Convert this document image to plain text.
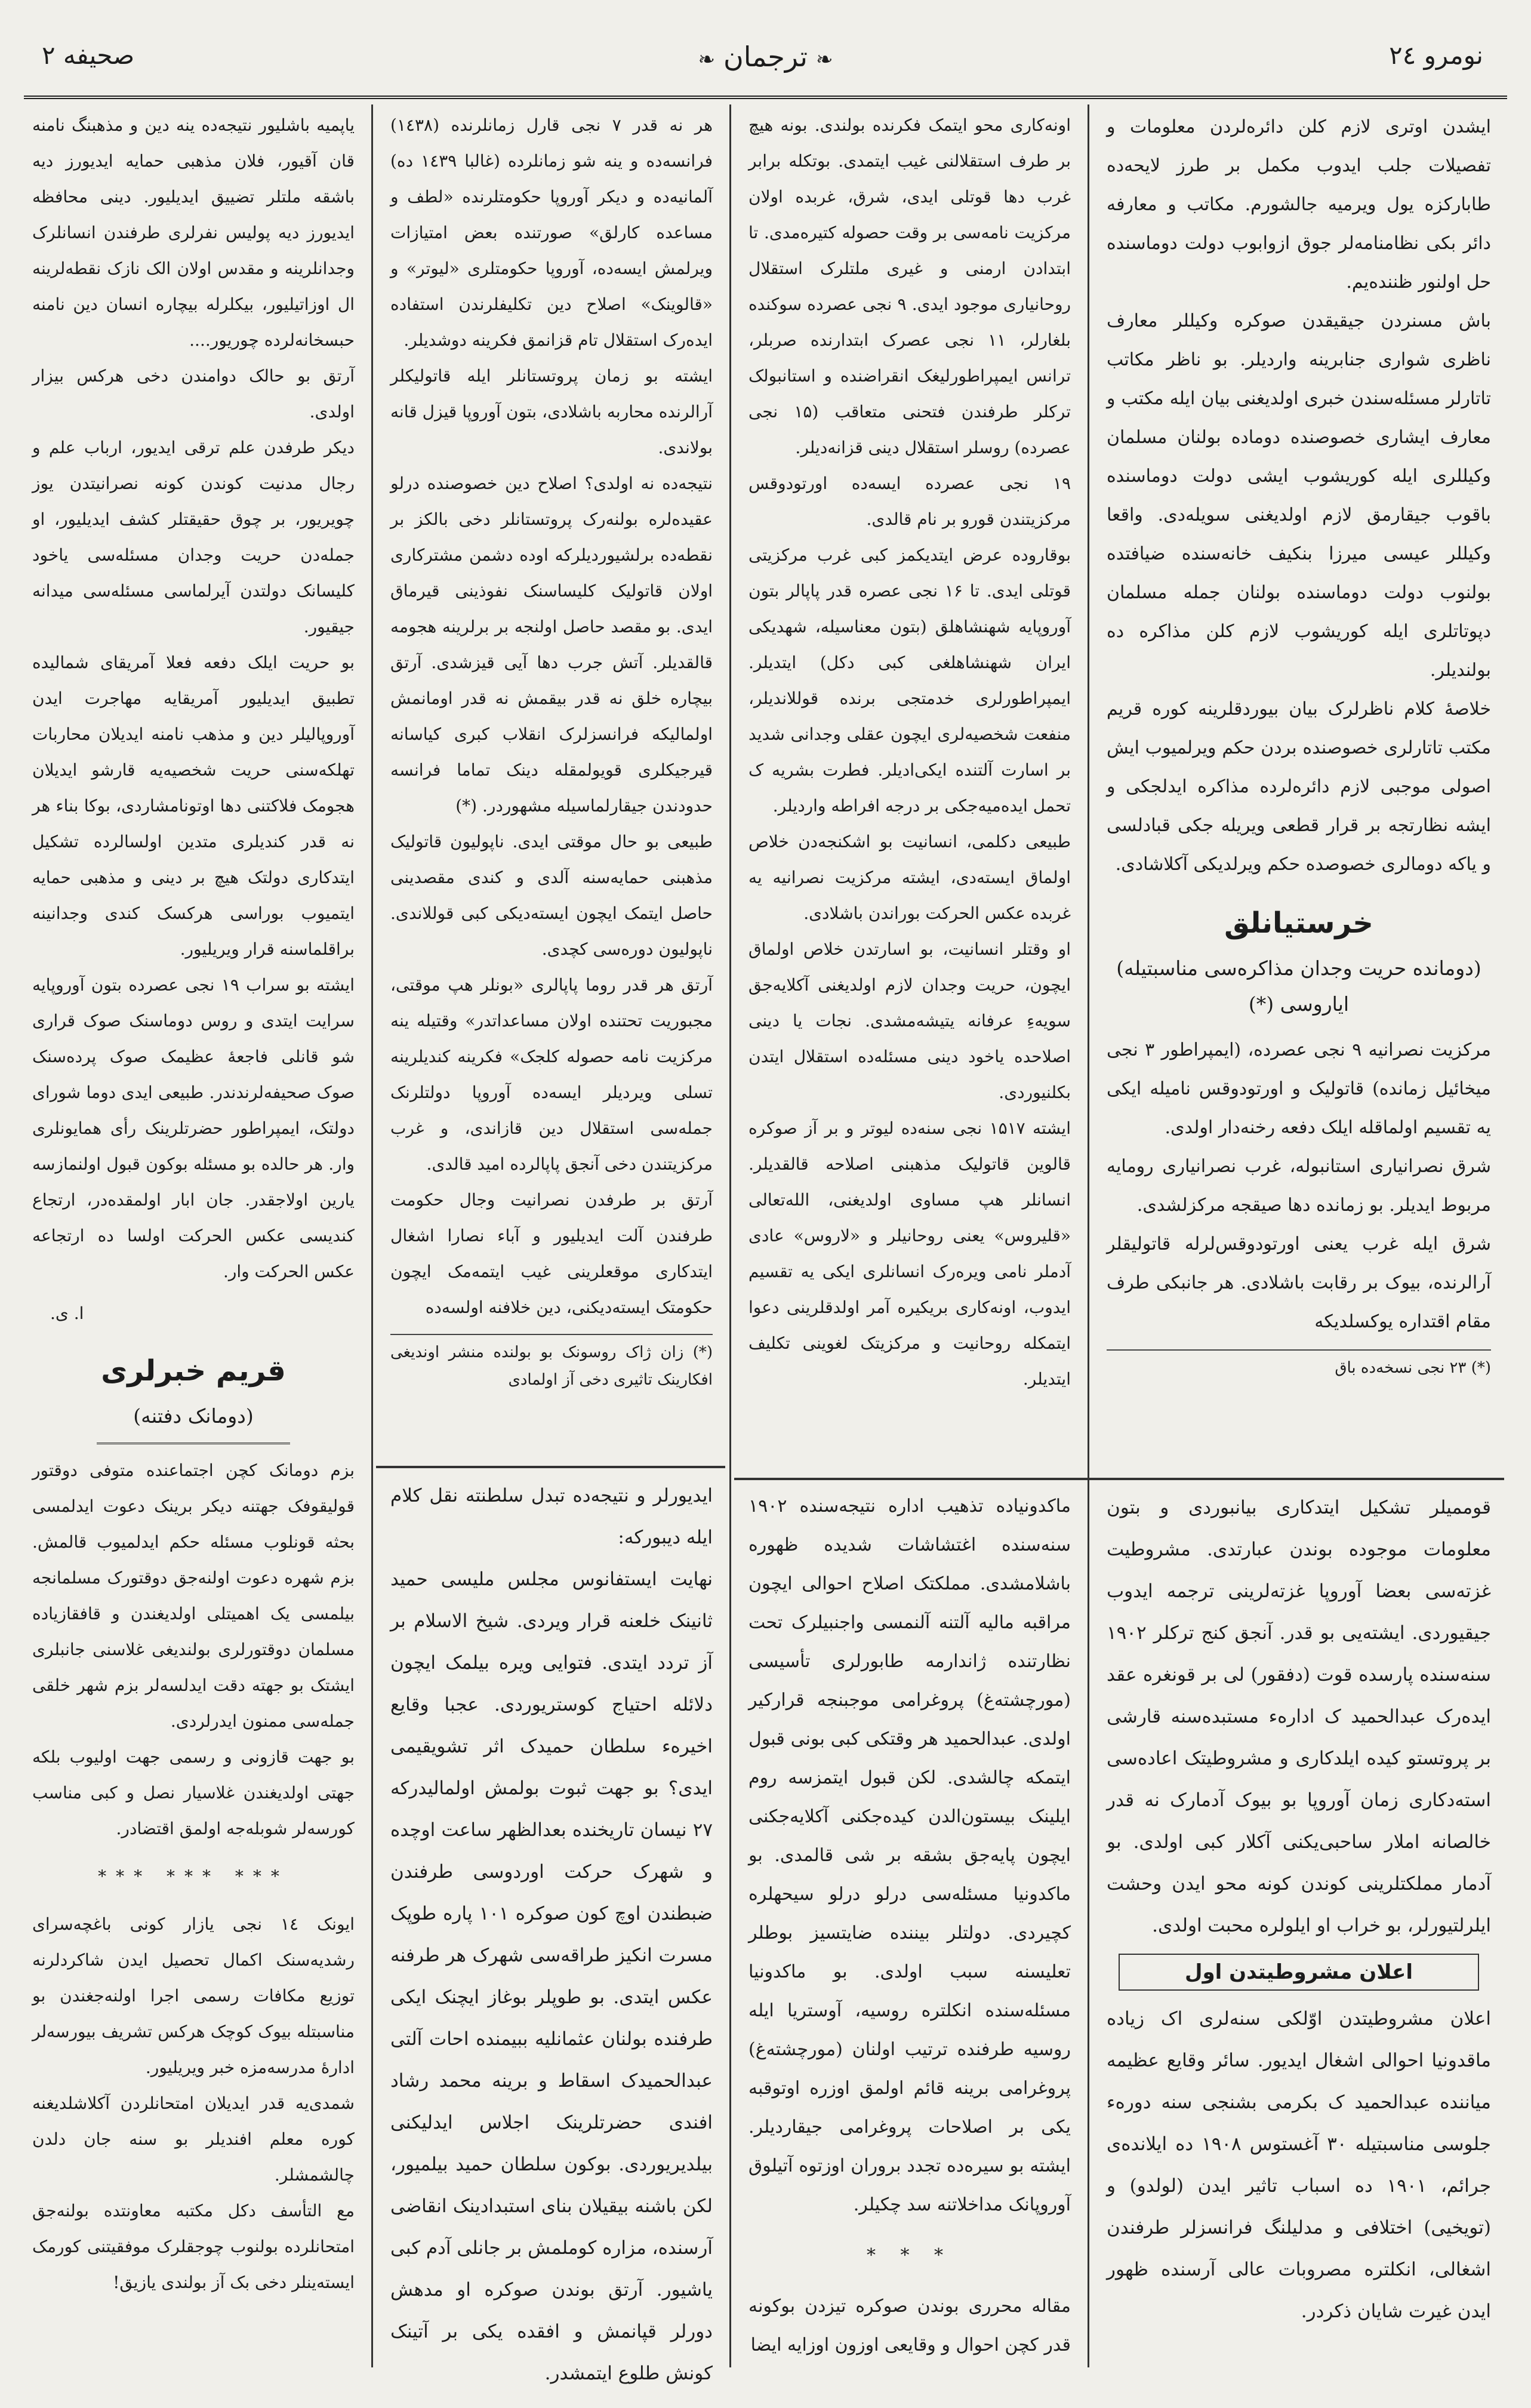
صحیفه ۲
❧	ترجمان ❧	نومرو ۲٤

ایشدن اوتری لازم کلن دائره‌لردن معلومات و تفصیلات جلب ایدوب مکمل بر طرز لایحه‌ده طابارکزه یول ویرمیه جالشورم. مکاتب و معارفه دائر بکی نظامنامه‌لر جوق ازوابوب دولت دوماسنده حل اولنور ظننده‌یم.

باش مسنردن جیقیقدن صوکره وکیللر معارف ناظری شواری جنابرینه واردیلر. بو ناظر مکاتب تاتارلر مسئله‌سندن خبری اولدیغنی بیان ایله مکتب و معارف ایشاری خصوصنده دوماده بولنان مسلمان وکیللری ایله کوریشوب ایشی دولت دوماسنده باقوب جیقارمق لازم اولدیغنی سویله‌دی. واقعا وکیللر عیسی میرزا بنکیف خانه‌سنده ضیافتده بولنوب دولت دوماسنده بولنان جمله مسلمان دپوتاتلری ایله کوریشوب لازم کلن مذاکره ده بولندیلر.

خلاصهٔ کلام ناظرلرک بیان بیوردقلرینه کوره قریم مکتب تاتارلری خصوصنده بردن حکم ویرلمیوب ایش اصولی موجبی لازم دائره‌لرده مذاکره ایدلجکی و ایشه نظارتجه بر قرار قطعی ویریله جکی قبادلسی و یاکه دومالری خصوصده حکم ویرلدیکی آکلاشادی.

خرستیانلق
(دومانده حریت وجدان مذاکره‌سی مناسبتیله) ایاروسی (*)

مرکزیت نصرانیه ۹ نجی عصرده، (ایمپراطور ۳ نجی میخائیل زمانده) قاتولیک و اورتودوقس نامیله ایکی یه تقسیم اولماقله ایلک دفعه رخنه‌دار اولدی.

شرق نصرانیاری استانبوله، غرب نصرانیاری رومایه مربوط ایدیلر. بو زمانده دها صیقجه مرکزلشدی.

شرق ایله غرب یعنی اورتودوقس‌لرله قاتولیقلر آرالرنده، بیوک بر رقابت باشلادی. هر جانبکی طرف مقام اقتداره یوکسلدیکه

(*) ۲۳ نجی نسخه‌ده باق

قوممیلر تشکیل ایتدکاری بیانبوردی و بتون معلومات موجوده بوندن عبارتدی. مشروطیت غزته‌سی بعضا آوروپا غزته‌لرینی ترجمه ایدوب جیقیوردی. ایشته‌یی بو قدر. آنجق کنج ترکلر ۱۹۰۲ سنه‌سنده پارسده قوت (دفقور) لی بر قونغره عقد ایده‌رک عبدالحمید ک اداره‌ء مستبده‌سنه قارشی بر پروتستو کیده ایلدکاری و مشروطیتک اعاده‌سی استه‌دکاری زمان آوروپا بو بیوک آدمارک نه قدر خالصانه املار ساحبی‌یکنی آکلار کبی اولدی. بو آدمار مملکتلرینی کوندن کونه محو ایدن وحشت ایلرلتیورلر، بو خراب او ایلولره محبت اولدی.

اعلان مشروطیتدن اول

اعلان مشروطیتدن اوّلکی سنه‌لری اک زیاده ماقدونیا احوالی اشغال ایدیور. سائر وقایع عظیمه میاننده عبدالحمید ک بکرمی بشنجی سنه دوره‌ء جلوسی مناسبتیله ۳۰ آغستوس ۱۹۰۸ ده ایلانده‌ی جرائم، ۱۹۰۱ ده اسباب تاثیر ایدن (لولدو) و (تویخیی) اختلافی و مدلیلنگ فرانسزلر طرفندن اشغالی، انکلتره مصروبات عالی آرسنده ظهور ایدن غیرت شایان ذکردر.

اونه‌کاری محو ایتمک فکرنده بولندی. بونه هیچ بر طرف استقلالنی غیب ایتمدی. بوتکله برابر غرب دها قوتلی ایدی، شرق، غربده اولان مرکزیت نامه‌سی بر وقت حصوله کتیره‌مدی. تا ابتدادن ارمنی و غیری ملتلرک استقلال روحانیاری موجود ایدی. ۹ نجی عصرده سوکنده بلغارلر، ۱۱ نجی عصرک ابتدارنده صربلر، ترانس ایمپراطورلیغک انقراضنده و استانبولک ترکلر طرفندن فتحنی متعاقب (۱۵ نجی عصرده) روسلر استقلال دینی قزانه‌دیلر.

۱۹ نجی عصرده ایسه‌ده اورتودوقس مرکزیتندن قورو بر نام قالدی.

بوقاروده عرض ایتدیکمز کبی غرب مرکزیتی قوتلی ایدی. تا ۱۶ نجی عصره قدر پاپالر بتون آوروپایه شهنشاهلق (بتون معناسیله، شهدیکی ایران شهنشاهلغی کبی دکل) ایتدیلر. ایمپراطورلری خدمتجی برنده قوللاندیلر، منفعت شخصیه‌لری ایچون عقلی وجدانی شدید بر اسارت آلتنده ایکی‌ادیلر. فطرت بشریه ک تحمل ایده‌میه‌جکی بر درجه افراطه واردیلر.

طبیعی دکلمی، انسانیت بو اشکنجه‌دن خلاص اولماق ایسته‌دی، ایشته مرکزیت نصرانیه یه غربده عکس الحرکت بوراندن باشلادی.

او وقتلر انسانیت، بو اسارتدن خلاص اولماق ایچون، حریت وجدان لازم اولدیغنی آکلایه‌جق سویه‌ءِ عرفانه یتیشه‌مشدی. نجات یا دینی اصلاحده یاخود دینی مسئله‌ده استقلال ایتدن بکلنیوردی.

ایشته ۱۵۱۷ نجی سنه‌ده لیوتر و بر آز صوکره قالوین قاتولیک مذهبنی اصلاحه قالقدیلر. انسانلر هپ مساوی اولدیغنی، الله‌تعالی «قلیروس» یعنی روحانیلر و «لاروس» عادی آدملر نامی ویره‌رک انسانلری ایکی یه تقسیم ایدوب، اونه‌کاری بریکیره آمر اولدقلرینی دعوا ایتمکله روحانیت و مرکزیتک لغوینی تکلیف ایتدیلر.

ماکدونیاده تذهیب اداره نتیجه‌سنده ۱۹۰۲ سنه‌سنده اغتشاشات شدیده ظهوره باشلامشدی. مملکتک اصلاح احوالی ایچون مراقبه مالیه آلتنه آلنمسی واجنبیلرک تحت نظارتنده ژاندارمه طابورلری تأسیسی (مورچشته‌غ) پروغرامی موجبنجه قرارکیر اولدی. عبدالحمید هر وقتکی کبی بونی قبول ایتمکه چالشدی. لکن قبول ایتمزسه روم ایلینک بیستون‌الدن کیده‌جکنی آکلایه‌جکنی ایچون پایه‌جق بشقه بر شی قالمدی. بو ماکدونیا مسئله‌سی درلو درلو سیحهلره کچیردی. دولتلر بیننده ضایتسیز بوطلر تعلیسنه سبب اولدی. بو ماکدونیا مسئله‌سنده انکلتره روسیه، آوستریا ایله روسیه طرفنده ترتیب اولنان (مورچشته‌غ) پروغرامی برینه قائم اولمق اوزره اوتوقبه یکی بر اصلاحات پروغرامی جیقاردیلر. ایشته بو سیره‌ده تجدد بروران اوزتوه آتیلوق آوروپانک مداخلاتنه سد چکیلر.

* * *

مقاله محرری بوندن صوکره تیزدن بوکونه قدر کچن احوال و وقایعی اوزون اوزایه ایضا

هر نه قدر ۷ نجی قارل زمانلرنده (۱٤۳۸) فرانسه‌ده و ینه شو زمانلرده (غالبا ۱٤۳۹ ده) آلمانیه‌ده و دیکر آوروپا حکومتلرنده «لطف و مساعده کارلق» صورتنده بعض امتیازات ویرلمش ایسه‌ده، آوروپا حکومتلری «لیوتر» و «قالوینک» اصلاح دین تکلیفلرندن استفاده ایده‌رک استقلال تام قزانمق فکرینه دوشدیلر.

ایشته بو زمان پروتستانلر ایله قاتولیکلر آرالرنده محاربه باشلادی، بتون آوروپا قیزل قانه بولاندی.

نتیجه‌ده نه اولدی؟ اصلاح دین خصوصنده درلو عقیده‌لره بولنه‌رک پروتستانلر دخی بالکز بر نقطه‌ده برلشیوردیلرکه اوده دشمن مشترکاری اولان قاتولیک کلیساسنک نفوذینی قیرماق ایدی. بو مقصد حاصل اولنجه بر برلرینه هجومه قالقدیلر. آتش جرب دها آیی قیزشدی. آرتق بیچاره خلق نه قدر بیقمش نه قدر اومانمش اولمالیکه فرانسزلرک انقلاب کبری کیاسانه قیرجیکلری قویولمقله دینک تماما فرانسه حدودندن جیقارلماسیله مشهوردر. (*)

طبیعی بو حال موقتی ایدی. ناپولیون قاتولیک مذهبنی حمایه‌سنه آلدی و کندی مقصدینی حاصل ایتمک ایچون ایسته‌دیکی کبی قوللاندی. ناپولیون دوره‌سی کچدی.

آرتق هر قدر روما پاپالری «بونلر هپ موقتی، مجبوریت تحتنده اولان مساعداتدر» وقتیله ینه مرکزیت نامه حصوله کلجک» فکرینه کندیلرینه تسلی ویردیلر ایسه‌ده آوروپا دولتلرنک جمله‌سی استقلال دین قازاندی، و غرب مرکزیتندن دخی آنجق پاپالرده امید قالدی.

آرتق بر طرفدن نصرانیت وجال حکومت طرفندن آلت ایدیلیور و آباء نصارا اشغال ایتدکاری موقعلرینی غیب ایتمه‌مک ایچون حکومتک ایسته‌دیکنی، دین خلافنه اولسه‌ده

(*) زان ژاک روسونک بو بولنده منشر اوندیغی افکارینک تاثیری دخی آز اولمادی

ایدیورلر و نتیجه‌ده تبدل سلطنته نقل کلام ایله دیبورکه:

نهایت ایستفانوس مجلس ملیسی حمید ثانینک خلعنه قرار ویردی. شیخ الاسلام بر آز تردد ایتدی. فتوایی ویره بیلمک ایچون دلائله احتیاج کوستریوردی. عجبا وقایع اخیره‌ء سلطان حمیدک اثر تشویقیمی ایدی؟ بو جهت ثبوت بولمش اولمالیدرکه ۲۷ نیسان تاریخنده بعدالظهر ساعت اوچده و شهرک حرکت اوردوسی طرفندن ضبطندن اوچ کون صوکره ۱۰۱ پاره طوپک مسرت انکیز طراقه‌سی شهرک هر طرفنه عکس ایتدی. بو طوپلر بوغاز ایچنک ایکی طرفنده بولنان عثمانلیه ببیمنده احات آلتی عبدالحمیدک اسقاط و برینه محمد رشاد افندی حضرتلرینک اجلاس ایدلیکنی بیلدیریوردی. بوکون سلطان حمید بیلمیور، لکن باشنه بیقیلان بنای استبدادینک انقاضی آرسنده، مزاره کوملمش بر جانلی آدم کبی یاشیور. آرتق بوندن صوکره او مدهش دورلر قپانمش و افقده یکی بر آتینک کونش طلوع ایتمشدر.

یاپمیه باشلیور نتیجه‌ده ینه دین و مذهبنگ نامنه قان آقیور، فلان مذهبی حمایه ایدیورز دیه باشقه ملتلر تضییق ایدیلیور. دینی محافظه ایدیورز دیه پولیس نفرلری طرفندن انسانلرک وجدانلرینه و مقدس اولان الک نازک نقطه‌لرینه ال اوزاتیلیور، بیکلرله بیچاره انسان دین نامنه حبسخانه‌لرده چوریور....

آرتق بو حالک دوامندن دخی هرکس بیزار اولدی.

دیکر طرفدن علم ترقی ایدیور، ارباب علم و رجال مدنیت کوندن کونه نصرانیتدن یوز چویریور، بر چوق حقیقتلر کشف ایدیلیور، او جمله‌دن حریت وجدان مسئله‌سی یاخود کلیسانک دولتدن آیرلماسی مسئله‌سی میدانه جیقیور.

بو حریت ایلک دفعه فعلا آمریقای شمالیده تطبیق ایدیلیور آمریقایه مهاجرت ایدن آوروپالیلر دین و مذهب نامنه ایدیلان محاربات تهلکه‌سنی حریت شخصیه‌یه قارشو ایدیلان هجومک فلاکتنی دها اوتونامشاردی، بوکا بناء هر نه قدر کندیلری متدین اولسالرده تشکیل ایتدکاری دولتک هیچ بر دینی و مذهبی حمایه ایتمیوب بوراسی هرکسک کندی وجدانینه براقلماسنه قرار ویریلیور.

ایشته بو سراب ۱۹ نجی عصرده بتون آوروپایه سرایت ایتدی و روس دوماسنک صوک قراری شو قانلی فاجعهٔ عظیمک صوک پرده‌سنک صوک صحیفه‌لرندندر. طبیعی ایدی دوما شورای دولتک، ایمپراطور حضرتلرینک رأی همایونلری وار. هر حالده بو مسئله بوکون قبول اولنمازسه یارین اولاجقدر. جان ابار اولمقده‌در، ارتجاع کندیسی عکس الحرکت اولسا ده ارتجاعه عکس الحرکت وار.

ا. ی.
قریم خبرلری
(دومانک دفتنه)

بزم دومانک کچن اجتماعنده متوفی دوقتور قولیقوفک جهتنه دیکر برینک دعوت ایدلمسی بحثه قونلوب مسئله حکم ایدلمیوب قالمش. بزم شهره دعوت اولنه‌جق دوقتورک مسلمانجه بیلمسی یک اهمیتلی اولدیغندن و قافقازیاده مسلمان دوقتورلری بولندیغی غلاسنی جانبلری ایشتک بو جهته دقت ایدلسه‌لر بزم شهر خلقی جمله‌سی ممنون ایدرلردی.

بو جهت قازونی و رسمی جهت اولیوب بلکه جهتی اولدیغندن غلاسیار نصل و کبی مناسب کورسه‌لر شوبله‌جه اولمق اقتضادر.

*** *** ***

ایونک ۱٤ نجی یازار کونی باغچه‌سرای رشدیه‌سنک اکمال تحصیل ایدن شاکردلرنه توزیع مکافات رسمی اجرا اولنه‌جغندن بو مناسبتله بیوک کوچک هرکس تشریف بیورسه‌لر ادارهٔ مدرسه‌مزه خبر ویریلیور.

شمدی‌یه قدر ایدیلان امتحانلردن آکلاشلدیغنه کوره معلم افندیلر بو سنه جان دلدن چالشمشلر.

مع التأسف دکل مکتبه معاونتده بولنه‌جق امتحانلرده بولنوب چوجقلرک موفقیتنی کورمک ایسته‌ینلر دخی بک آز بولندی یازیق!
